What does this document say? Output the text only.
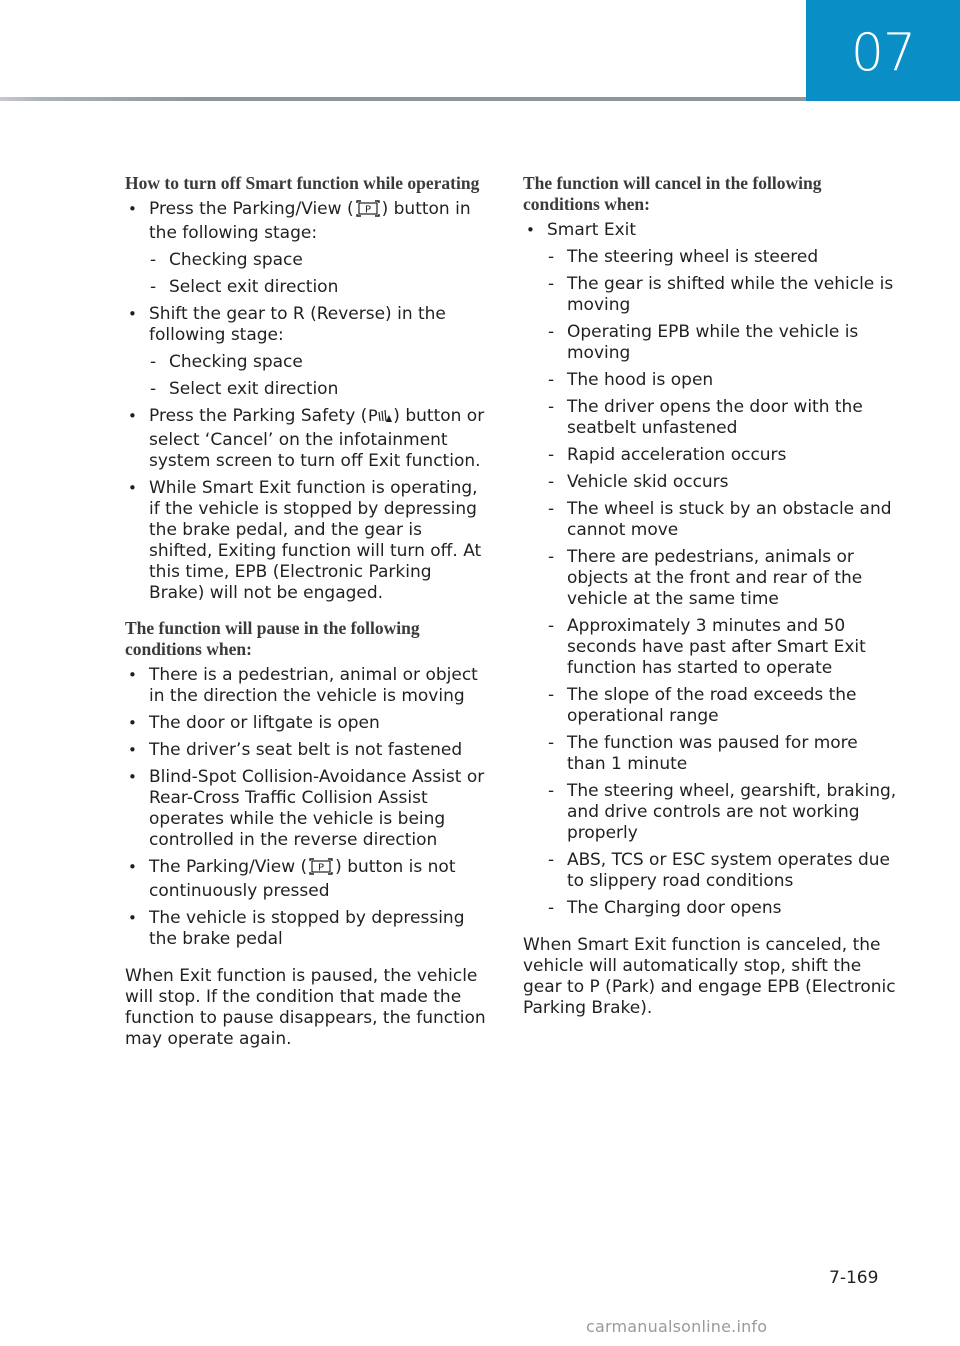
07

How to turn off Smart function while operating

• Press the Parking/View ( P ) button in the following stage:
- Checking space
- Select exit direction
• Shift the gear to R (Reverse) in the following stage:
- Checking space
- Select exit direction
• Press the Parking Safety ( P ) button or select ‘Cancel’ on the infotainment system screen to turn off Exit function.
• While Smart Exit function is operating, if the vehicle is stopped by depressing the brake pedal, and the gear is shifted, Exiting function will turn off. At this time, EPB (Electronic Parking Brake) will not be engaged.

The function will pause in the following conditions when:

• There is a pedestrian, animal or object in the direction the vehicle is moving
• The door or liftgate is open
• The driver’s seat belt is not fastened
• Blind-Spot Collision-Avoidance Assist or Rear-Cross Traffic Collision Assist operates while the vehicle is being controlled in the reverse direction
• The Parking/View ( P ) button is not continuously pressed
• The vehicle is stopped by depressing the brake pedal

When Exit function is paused, the vehicle will stop. If the condition that made the function to pause disappears, the function may operate again.

The function will cancel in the following conditions when:

• Smart Exit
- The steering wheel is steered
- The gear is shifted while the vehicle is moving
- Operating EPB while the vehicle is moving
- The hood is open
- The driver opens the door with the seatbelt unfastened
- Rapid acceleration occurs
- Vehicle skid occurs
- The wheel is stuck by an obstacle and cannot move
- There are pedestrians, animals or objects at the front and rear of the vehicle at the same time
- Approximately 3 minutes and 50 seconds have past after Smart Exit function has started to operate
- The slope of the road exceeds the operational range
- The function was paused for more than 1 minute
- The steering wheel, gearshift, braking, and drive controls are not working properly
- ABS, TCS or ESC system operates due to slippery road conditions
- The Charging door opens

When Smart Exit function is canceled, the vehicle will automatically stop, shift the gear to P (Park) and engage EPB (Electronic Parking Brake).

7-169
carmanualsonline.info
